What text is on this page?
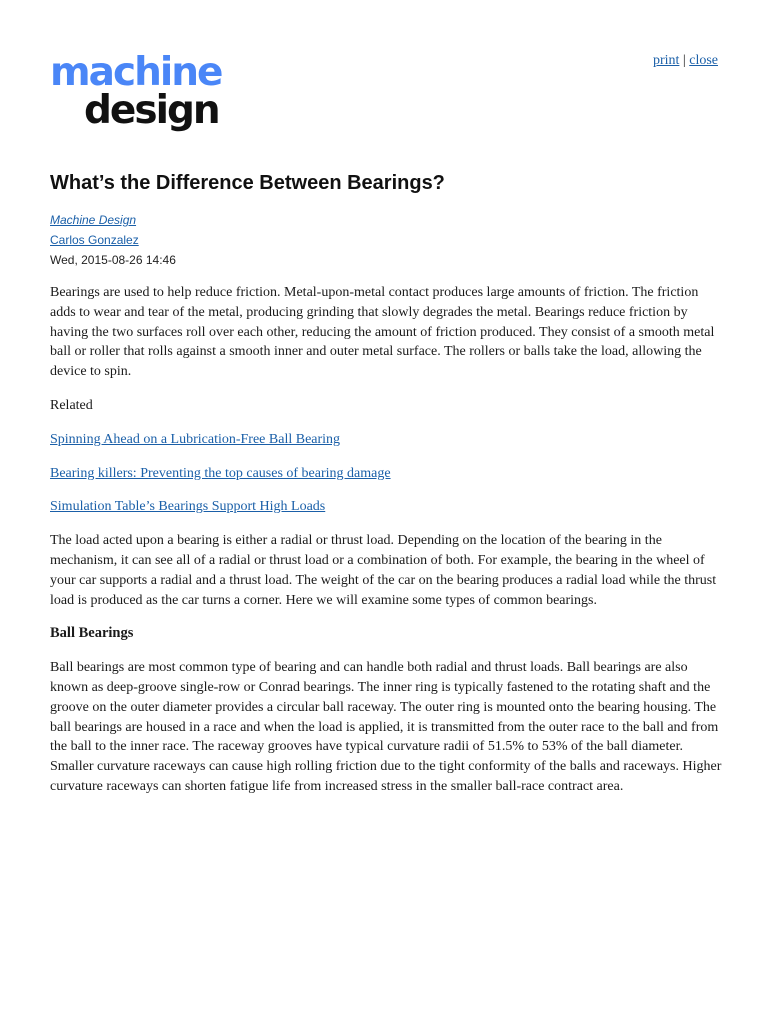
machine
design
print | close
What’s the Difference Between Bearings?
Machine Design
Carlos Gonzalez
Wed, 2015-08-26 14:46

Bearings are used to help reduce friction. Metal-upon-metal contact produces large amounts of friction. The friction adds to wear and tear of the metal, producing grinding that slowly degrades the metal. Bearings reduce friction by having the two surfaces roll over each other, reducing the amount of friction produced. They consist of a smooth metal ball or roller that rolls against a smooth inner and outer metal surface. The rollers or balls take the load, allowing the device to spin.

Related

Spinning Ahead on a Lubrication-Free Ball Bearing

Bearing killers: Preventing the top causes of bearing damage

Simulation Table’s Bearings Support High Loads

The load acted upon a bearing is either a radial or thrust load. Depending on the location of the bearing in the mechanism, it can see all of a radial or thrust load or a combination of both. For example, the bearing in the wheel of your car supports a radial and a thrust load. The weight of the car on the bearing produces a radial load while the thrust load is produced as the car turns a corner. Here we will examine some types of common bearings.

Ball Bearings

Ball bearings are most common type of bearing and can handle both radial and thrust loads. Ball bearings are also known as deep-groove single-row or Conrad bearings. The inner ring is typically fastened to the rotating shaft and the groove on the outer diameter provides a circular ball raceway. The outer ring is mounted onto the bearing housing. The ball bearings are housed in a race and when the load is applied, it is transmitted from the outer race to the ball and from the ball to the inner race. The raceway grooves have typical curvature radii of 51.5% to 53% of the ball diameter. Smaller curvature raceways can cause high rolling friction due to the tight conformity of the balls and raceways. Higher curvature raceways can shorten fatigue life from increased stress in the smaller ball-race contract area.
